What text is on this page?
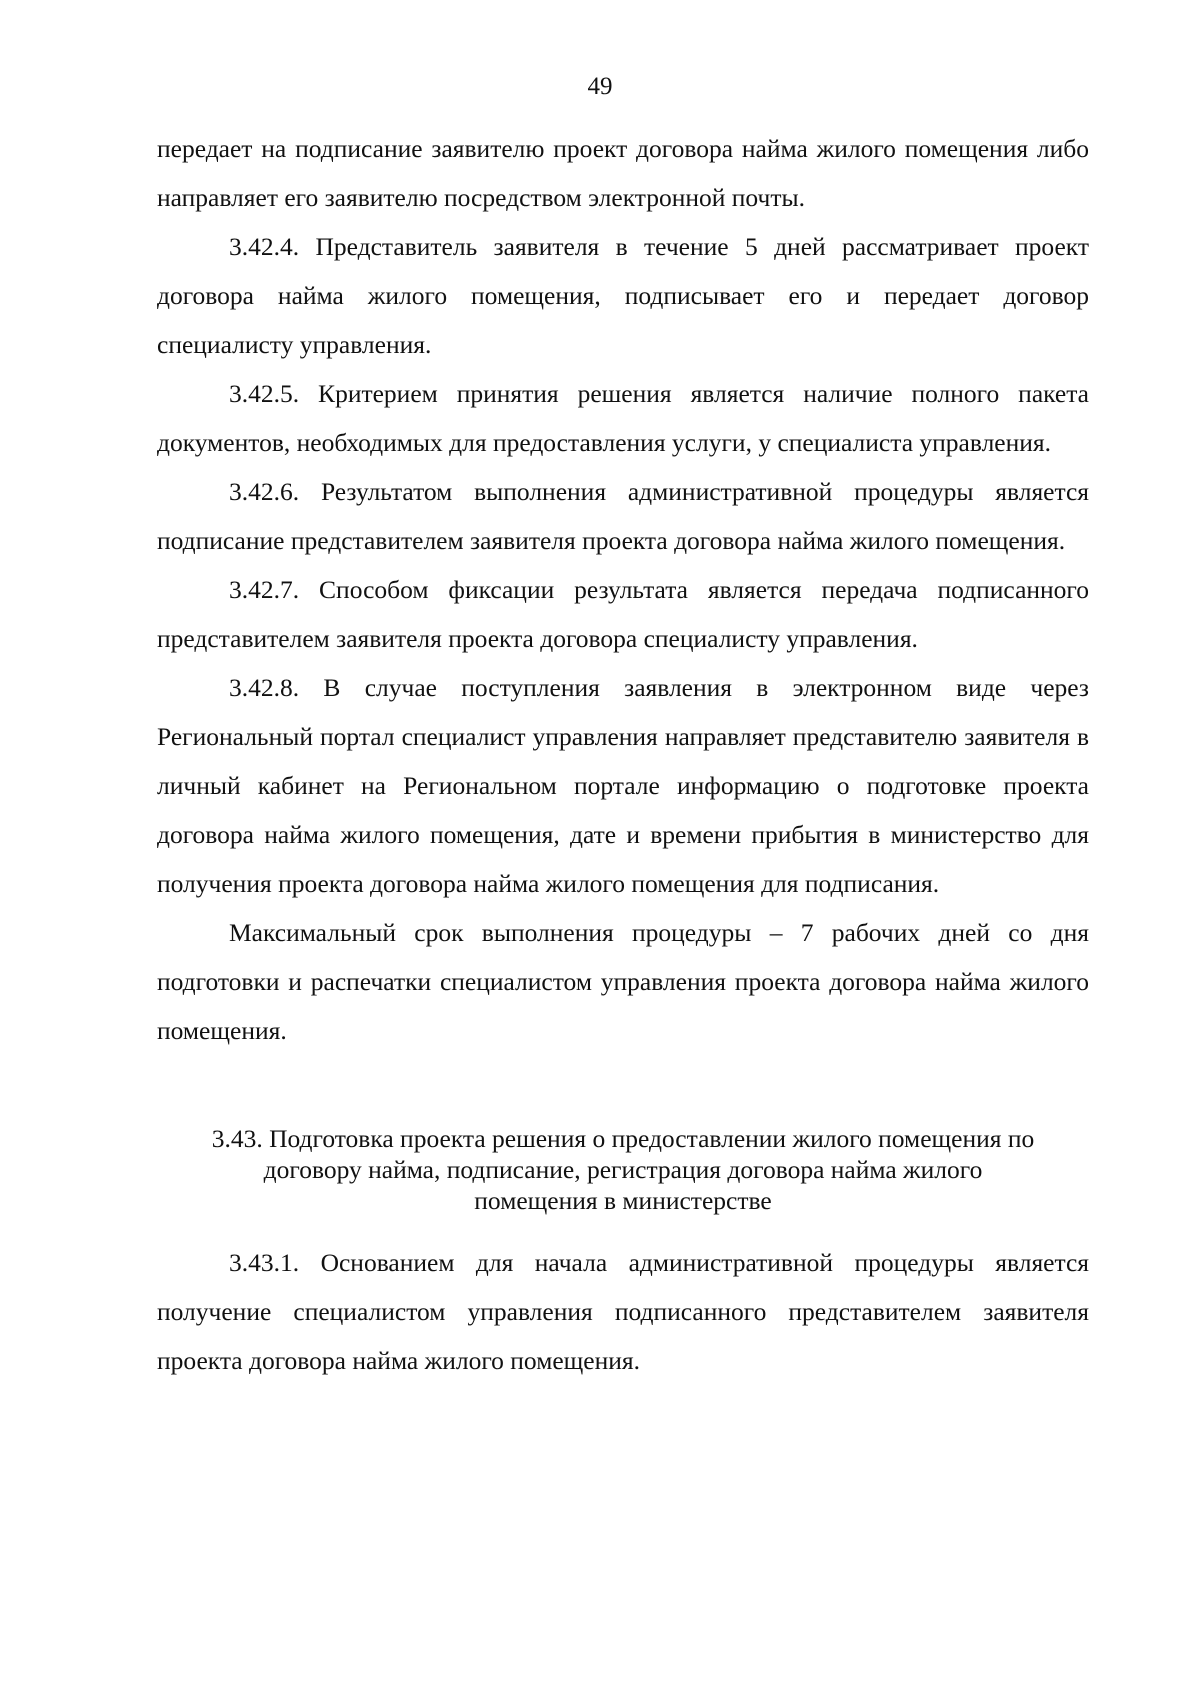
49

передает на подписание заявителю проект договора найма жилого помещения либо направляет его заявителю посредством электронной почты.

3.42.4. Представитель заявителя в течение 5 дней рассматривает проект договора найма жилого помещения, подписывает его и передает договор специалисту управления.

3.42.5. Критерием принятия решения является наличие полного пакета документов, необходимых для предоставления услуги, у специалиста управления.

3.42.6. Результатом выполнения административной процедуры является подписание представителем заявителя проекта договора найма жилого помещения.

3.42.7. Способом фиксации результата является передача подписанного представителем заявителя проекта договора специалисту управления.

3.42.8. В случае поступления заявления в электронном виде через Региональный портал специалист управления направляет представителю заявителя в личный кабинет на Региональном портале информацию о подготовке проекта договора найма жилого помещения, дате и времени прибытия в министерство для получения проекта договора найма жилого помещения для подписания.

Максимальный срок выполнения процедуры – 7 рабочих дней со дня подготовки и распечатки специалистом управления проекта договора найма жилого помещения.

3.43. Подготовка проекта решения о предоставлении жилого помещения по
договору найма, подписание, регистрация договора найма жилого
помещения в министерстве

3.43.1. Основанием для начала административной процедуры является получение специалистом управления подписанного представителем заявителя проекта договора найма жилого помещения.
